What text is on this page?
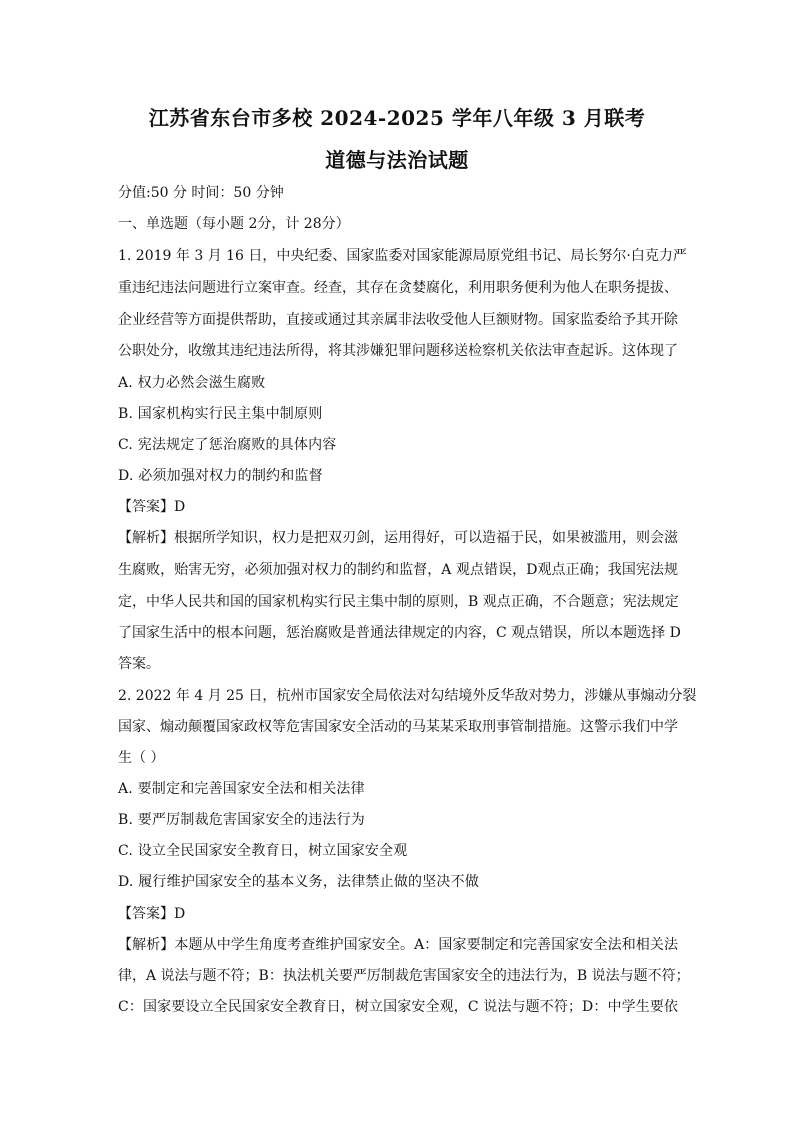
江苏省东台市多校 2024-2025 学年八年级 3 月联考
道德与法治试题
分值:50 分 时间：50 分钟
一、单选题（每小题 2分，计 28分）
1. 2019 年 3 月 16 日，中央纪委、国家监委对国家能源局原党组书记、局长努尔·白克力严
重违纪违法问题进行立案审查。经查，其存在贪婪腐化，利用职务便利为他人在职务提拔、
企业经营等方面提供帮助，直接或通过其亲属非法收受他人巨额财物。国家监委给予其开除
公职处分，收缴其违纪违法所得，将其涉嫌犯罪问题移送检察机关依法审查起诉。这体现了
A. 权力必然会滋生腐败
B. 国家机构实行民主集中制原则
C. 宪法规定了惩治腐败的具体内容
D. 必须加强对权力的制约和监督
【答案】D
【解析】根据所学知识，权力是把双刃剑，运用得好，可以造福于民，如果被滥用，则会滋
生腐败，贻害无穷，必须加强对权力的制约和监督，A 观点错误，D观点正确；我国宪法规
定，中华人民共和国的国家机构实行民主集中制的原则，B 观点正确，不合题意；宪法规定
了国家生活中的根本问题，惩治腐败是普通法律规定的内容，C 观点错误，所以本题选择 D
答案。
2. 2022 年 4 月 25 日，杭州市国家安全局依法对勾结境外反华敌对势力，涉嫌从事煽动分裂
国家、煽动颠覆国家政权等危害国家安全活动的马某某采取刑事管制措施。这警示我们中学
生（ ）
A. 要制定和完善国家安全法和相关法律
B. 要严厉制裁危害国家安全的违法行为
C. 设立全民国家安全教育日，树立国家安全观
D. 履行维护国家安全的基本义务，法律禁止做的坚决不做
【答案】D
【解析】本题从中学生角度考查维护国家安全。A：国家要制定和完善国家安全法和相关法
律，A 说法与题不符；B：执法机关要严厉制裁危害国家安全的违法行为，B 说法与题不符；
C：国家要设立全民国家安全教育日，树立国家安全观，C 说法与题不符；D：中学生要依
